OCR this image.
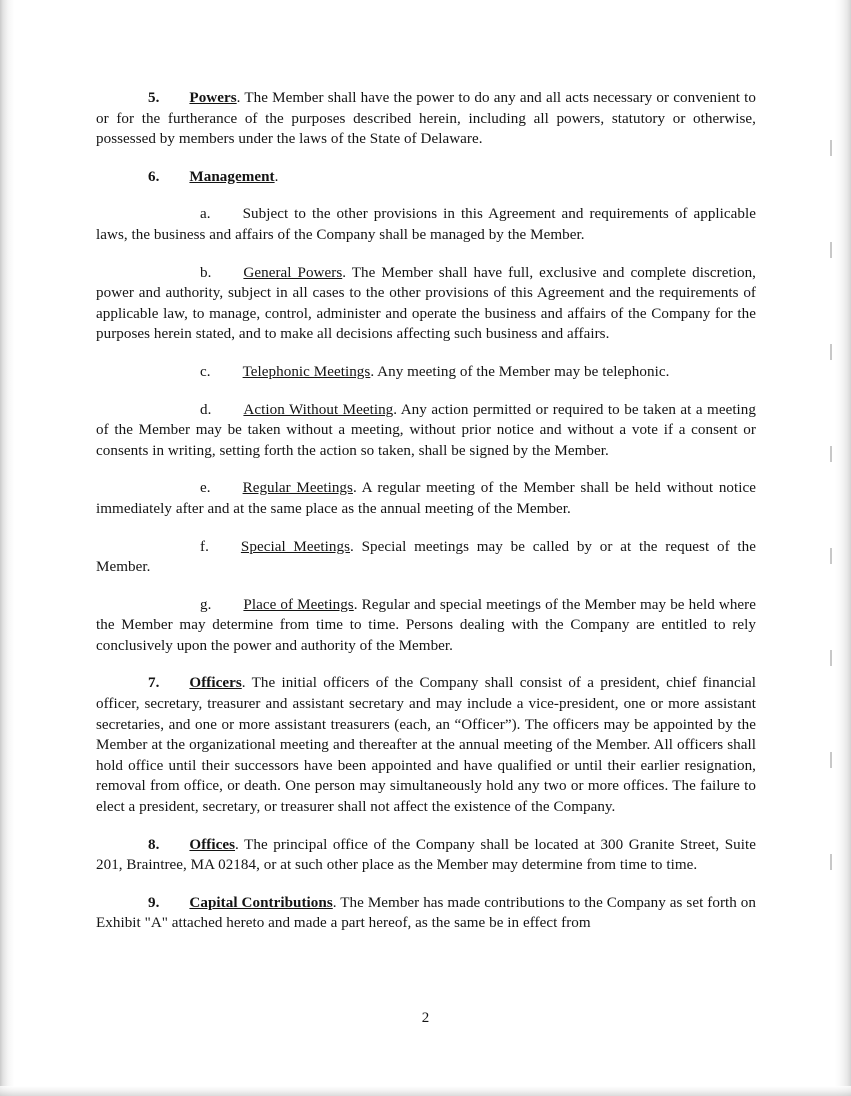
5. Powers. The Member shall have the power to do any and all acts necessary or convenient to or for the furtherance of the purposes described herein, including all powers, statutory or otherwise, possessed by members under the laws of the State of Delaware.

6. Management.

a. Subject to the other provisions in this Agreement and requirements of applicable laws, the business and affairs of the Company shall be managed by the Member.

b. General Powers. The Member shall have full, exclusive and complete discretion, power and authority, subject in all cases to the other provisions of this Agreement and the requirements of applicable law, to manage, control, administer and operate the business and affairs of the Company for the purposes herein stated, and to make all decisions affecting such business and affairs.

c. Telephonic Meetings. Any meeting of the Member may be telephonic.

d. Action Without Meeting. Any action permitted or required to be taken at a meeting of the Member may be taken without a meeting, without prior notice and without a vote if a consent or consents in writing, setting forth the action so taken, shall be signed by the Member.

e. Regular Meetings. A regular meeting of the Member shall be held without notice immediately after and at the same place as the annual meeting of the Member.

f. Special Meetings. Special meetings may be called by or at the request of the Member.

g. Place of Meetings. Regular and special meetings of the Member may be held where the Member may determine from time to time. Persons dealing with the Company are entitled to rely conclusively upon the power and authority of the Member.

7. Officers. The initial officers of the Company shall consist of a president, chief financial officer, secretary, treasurer and assistant secretary and may include a vice-president, one or more assistant secretaries, and one or more assistant treasurers (each, an “Officer”). The officers may be appointed by the Member at the organizational meeting and thereafter at the annual meeting of the Member. All officers shall hold office until their successors have been appointed and have qualified or until their earlier resignation, removal from office, or death. One person may simultaneously hold any two or more offices. The failure to elect a president, secretary, or treasurer shall not affect the existence of the Company.

8. Offices. The principal office of the Company shall be located at 300 Granite Street, Suite 201, Braintree, MA 02184, or at such other place as the Member may determine from time to time.

9. Capital Contributions. The Member has made contributions to the Company as set forth on Exhibit "A" attached hereto and made a part hereof, as the same be in effect from

2
